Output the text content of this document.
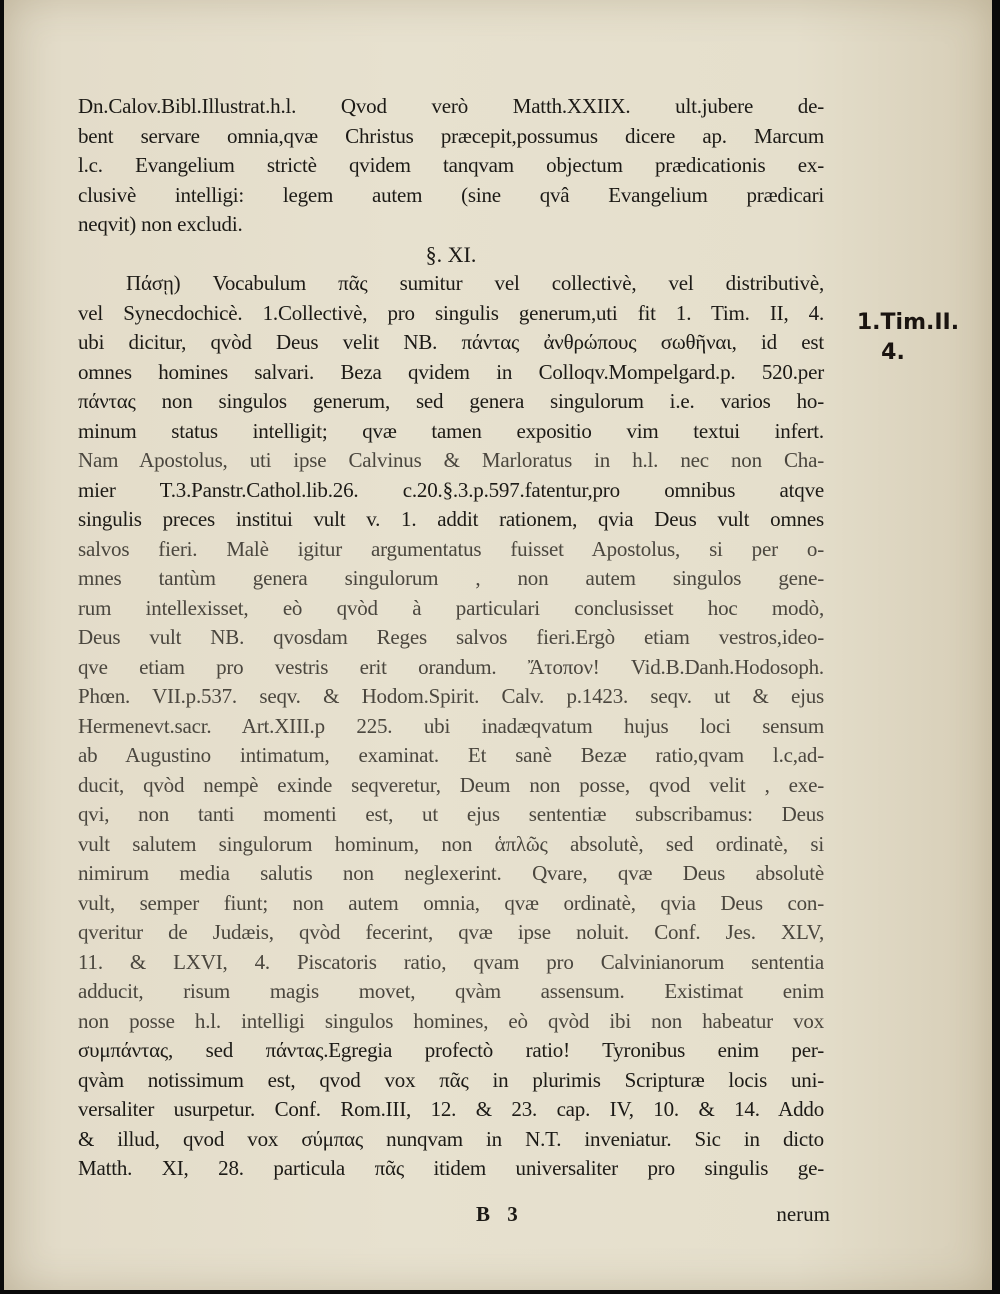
Dn.Calov.Bibl.Illustrat.h.l. Qvod verò Matth.XXIIX. ult.jubere de-
bent servare omnia,qvæ Christus præcepit,possumus dicere ap. Marcum
l.c. Evangelium strictè qvidem tanqvam objectum prædicationis ex-
clusivè intelligi: legem autem (sine qvâ Evangelium prædicari
neqvit) non excludi.
§. XI.
Πάσῃ) Vocabulum πᾶς sumitur vel collectivè, vel distributivè,
vel Synecdochicè. 1.Collectivè, pro singulis generum,uti fit 1. Tim. II, 4.
ubi dicitur, qvòd Deus velit NB. πάντας ἀνθρώπους σωθῆναι, id est
omnes homines salvari. Beza qvidem in Colloqv.Mompelgard.p. 520.per
πάντας non singulos generum, sed genera singulorum i.e. varios ho-
minum status intelligit; qvæ tamen expositio vim textui infert.
Nam Apostolus, uti ipse Calvinus & Marloratus in h.l. nec non Cha-
mier T.3.Panstr.Cathol.lib.26. c.20.§.3.p.597.fatentur,pro omnibus atqve
singulis preces institui vult v. 1. addit rationem, qvia Deus vult omnes
salvos fieri. Malè igitur argumentatus fuisset Apostolus, si per o-
mnes tantùm genera singulorum , non autem singulos gene-
rum intellexisset, eò qvòd à particulari conclusisset hoc modò,
Deus vult NB. qvosdam Reges salvos fieri.Ergò etiam vestros,ideo-
qve etiam pro vestris erit orandum. Ἄτοπον! Vid.B.Danh.Hodosoph.
Phœn. VII.p.537. seqv. & Hodom.Spirit. Calv. p.1423. seqv. ut & ejus
Hermenevt.sacr. Art.XIII.p 225. ubi inadæqvatum hujus loci sensum
ab Augustino intimatum, examinat. Et sanè Bezæ ratio,qvam l.c,ad-
ducit, qvòd nempè exinde seqveretur, Deum non posse, qvod velit , exe-
qvi, non tanti momenti est, ut ejus sententiæ subscribamus: Deus
vult salutem singulorum hominum, non ἁπλῶς absolutè, sed ordinatè, si
nimirum media salutis non neglexerint. Qvare, qvæ Deus absolutè
vult, semper fiunt; non autem omnia, qvæ ordinatè, qvia Deus con-
qveritur de Judæis, qvòd fecerint, qvæ ipse noluit. Conf. Jes. XLV,
11. & LXVI, 4. Piscatoris ratio, qvam pro Calvinianorum sententia
adducit, risum magis movet, qvàm assensum. Existimat enim
non posse h.l. intelligi singulos homines, eò qvòd ibi non habeatur vox
συμπάντας, sed πάντας.Egregia profectò ratio! Tyronibus enim per-
qvàm notissimum est, qvod vox πᾶς in plurimis Scripturæ locis uni-
versaliter usurpetur. Conf. Rom.III, 12. & 23. cap. IV, 10. & 14. Addo
& illud, qvod vox σύμπας nunqvam in N.T. inveniatur. Sic in dicto
Matth. XI, 28. particula πᾶς itidem universaliter pro singulis ge-
B 3	nerum
1.Tim.II.
4.
